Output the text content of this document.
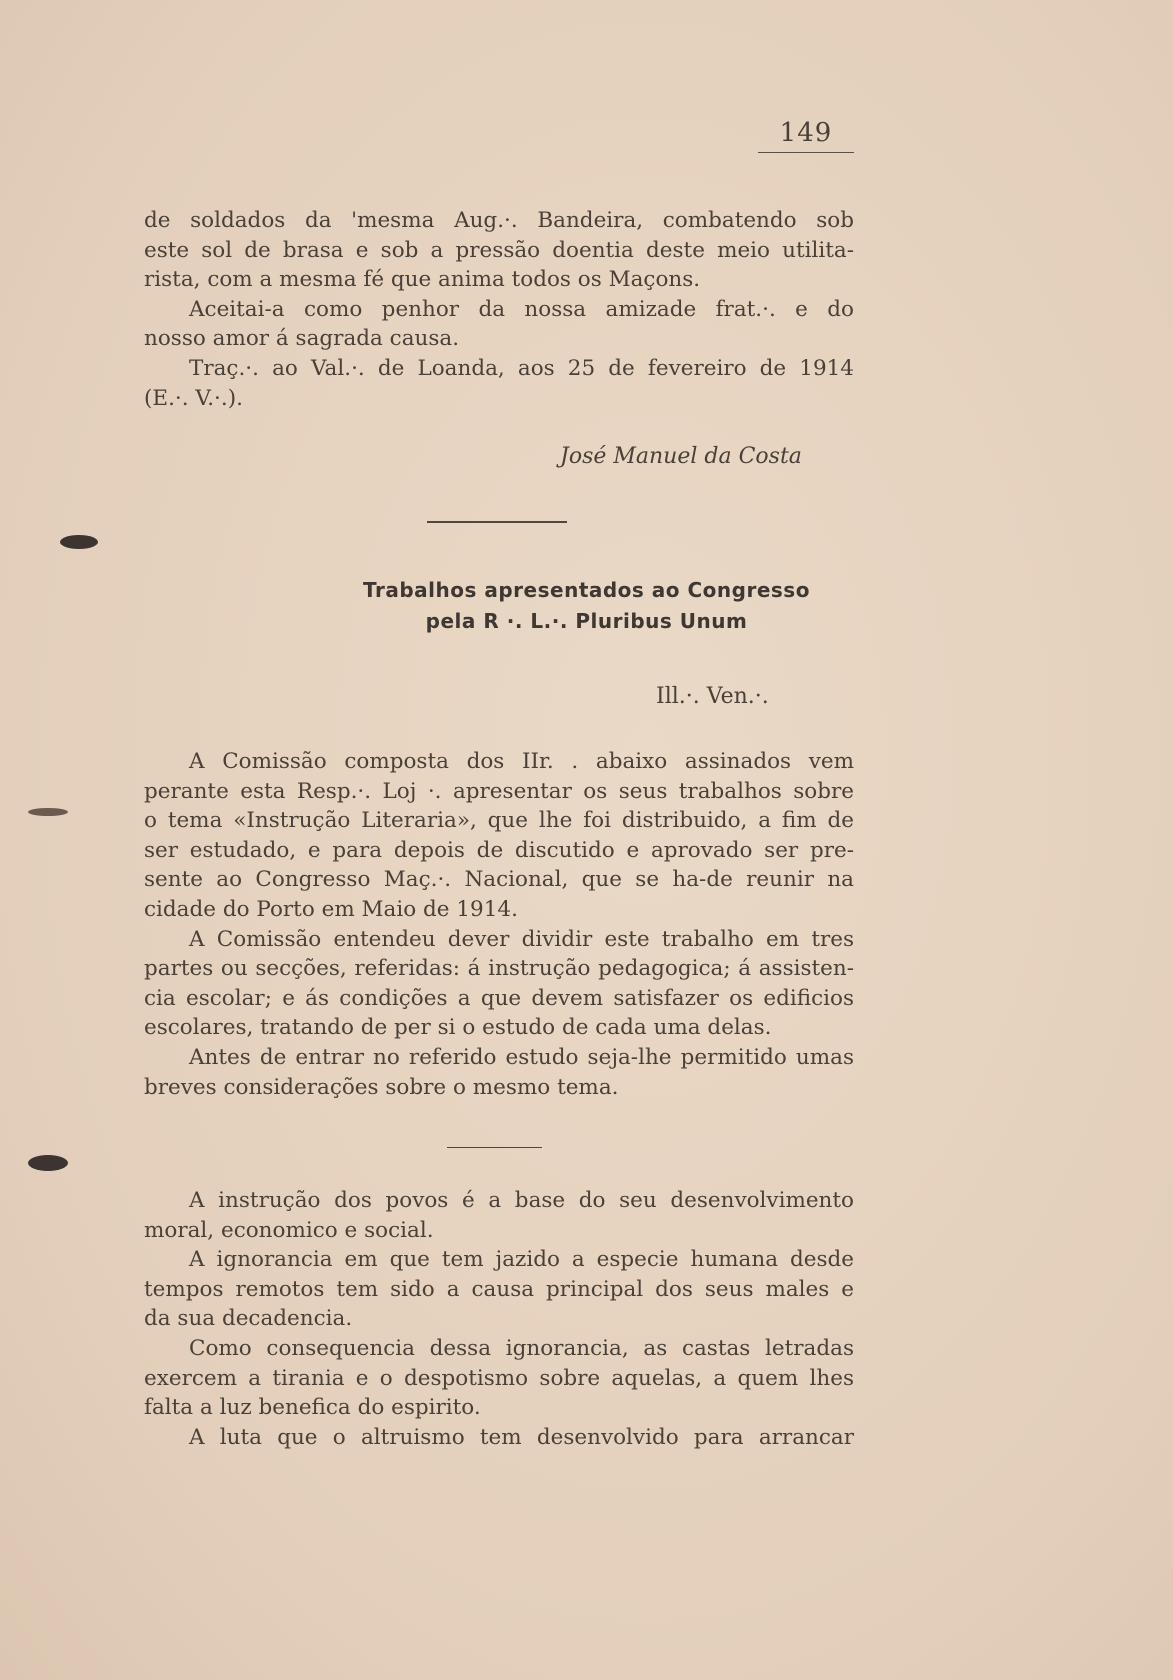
149
de soldados da 'mesma Aug.·. Bandeira, combatendo sob
este sol de brasa e sob a pressão doentia deste meio utilita-
rista, com a mesma fé que anima todos os Maçons.
Aceitai-a como penhor da nossa amizade frat.·. e do
nosso amor á sagrada causa.
Traç.·. ao Val.·. de Loanda, aos 25 de fevereiro de 1914
(E.·. V.·.).
José Manuel da Costa
Trabalhos apresentados ao Congresso
pela R ·. L.·. Pluribus Unum
Ill.·. Ven.·.
A Comissão composta dos IIr. . abaixo assinados vem
perante esta Resp.·. Loj ·. apresentar os seus trabalhos sobre
o tema «Instrução Literaria», que lhe foi distribuido, a fim de
ser estudado, e para depois de discutido e aprovado ser pre-
sente ao Congresso Maç.·. Nacional, que se ha-de reunir na
cidade do Porto em Maio de 1914.
A Comissão entendeu dever dividir este trabalho em tres
partes ou secções, referidas: á instrução pedagogica; á assisten-
cia escolar; e ás condições a que devem satisfazer os edificios
escolares, tratando de per si o estudo de cada uma delas.
Antes de entrar no referido estudo seja-lhe permitido umas
breves considerações sobre o mesmo tema.
A instrução dos povos é a base do seu desenvolvimento
moral, economico e social.
A ignorancia em que tem jazido a especie humana desde
tempos remotos tem sido a causa principal dos seus males e
da sua decadencia.
Como consequencia dessa ignorancia, as castas letradas
exercem a tirania e o despotismo sobre aquelas, a quem lhes
falta a luz benefica do espirito.
A luta que o altruismo tem desenvolvido para arrancar
